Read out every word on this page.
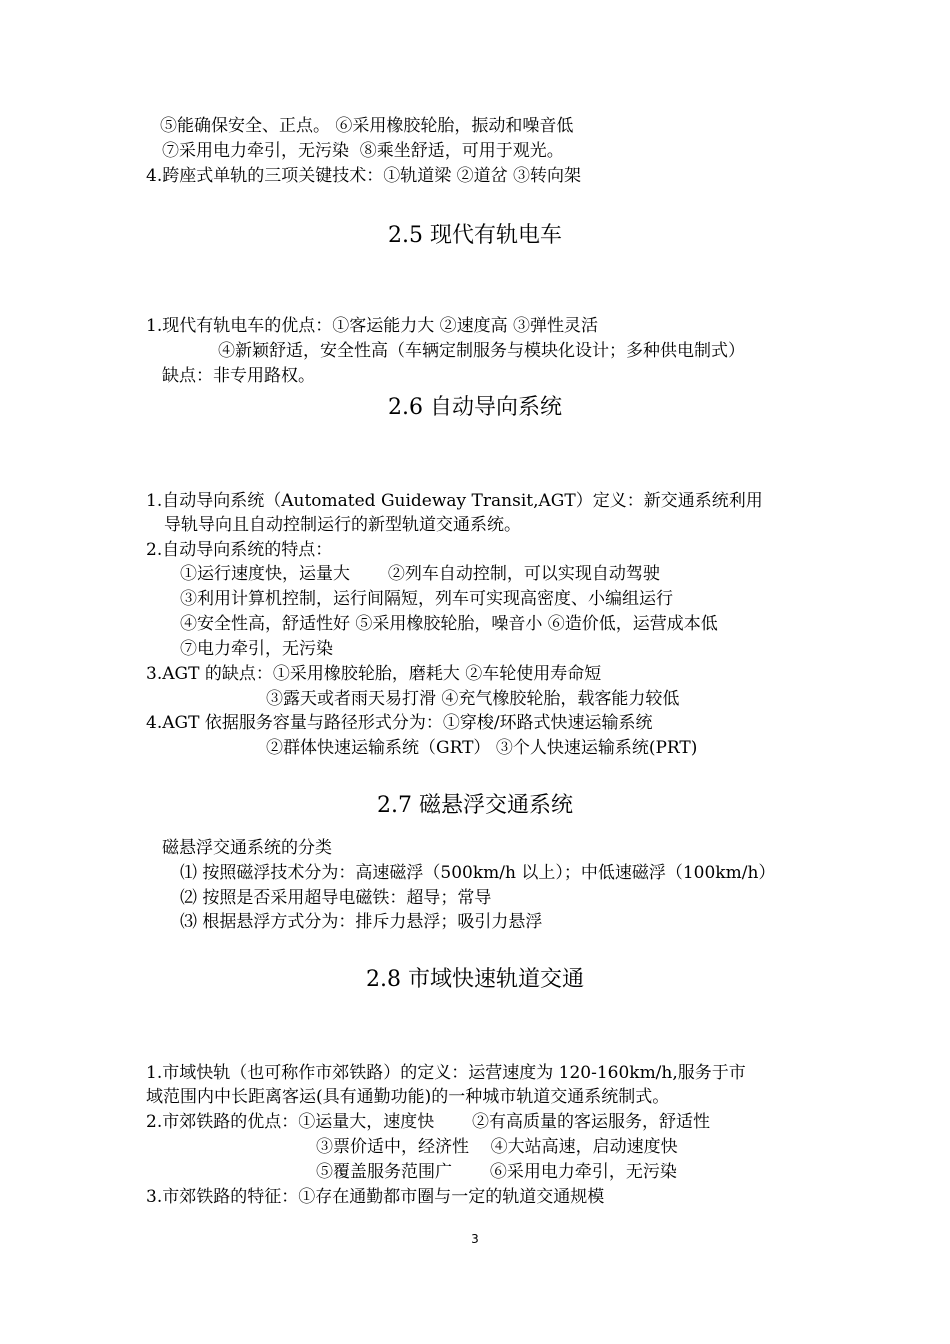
⑤能确保安全、正点。 ⑥采用橡胶轮胎，振动和噪音低
⑦采用电力牵引，无污染  ⑧乘坐舒适，可用于观光。
4.跨座式单轨的三项关键技术：①轨道梁 ②道岔 ③转向架
2.5 现代有轨电车
1.现代有轨电车的优点：①客运能力大 ②速度高 ③弹性灵活
④新颖舒适，安全性高（车辆定制服务与模块化设计；多种供电制式）
缺点：非专用路权。
2.6 自动导向系统
1.自动导向系统（Automated Guideway Transit,AGT）定义：新交通系统利用
导轨导向且自动控制运行的新型轨道交通系统。
2.自动导向系统的特点：
①运行速度快，运量大       ②列车自动控制，可以实现自动驾驶
③利用计算机控制，运行间隔短，列车可实现高密度、小编组运行
④安全性高，舒适性好 ⑤采用橡胶轮胎，噪音小 ⑥造价低，运营成本低
⑦电力牵引，无污染
3.AGT 的缺点：①采用橡胶轮胎，磨耗大 ②车轮使用寿命短
③露天或者雨天易打滑 ④充气橡胶轮胎，载客能力较低
4.AGT 依据服务容量与路径形式分为：①穿梭/环路式快速运输系统
②群体快速运输系统（GRT） ③个人快速运输系统(PRT)
2.7 磁悬浮交通系统
磁悬浮交通系统的分类
⑴ 按照磁浮技术分为：高速磁浮（500km/h 以上）；中低速磁浮（100km/h）
⑵ 按照是否采用超导电磁铁：超导；常导
⑶ 根据悬浮方式分为：排斥力悬浮；吸引力悬浮
2.8 市域快速轨道交通
1.市域快轨（也可称作市郊铁路）的定义：运营速度为 120-160km/h,服务于市
域范围内中长距离客运(具有通勤功能)的一种城市轨道交通系统制式。
2.市郊铁路的优点：①运量大，速度快       ②有高质量的客运服务，舒适性
③票价适中，经济性    ④大站高速，启动速度快
⑤覆盖服务范围广       ⑥采用电力牵引，无污染
3.市郊铁路的特征：①存在通勤都市圈与一定的轨道交通规模
3
